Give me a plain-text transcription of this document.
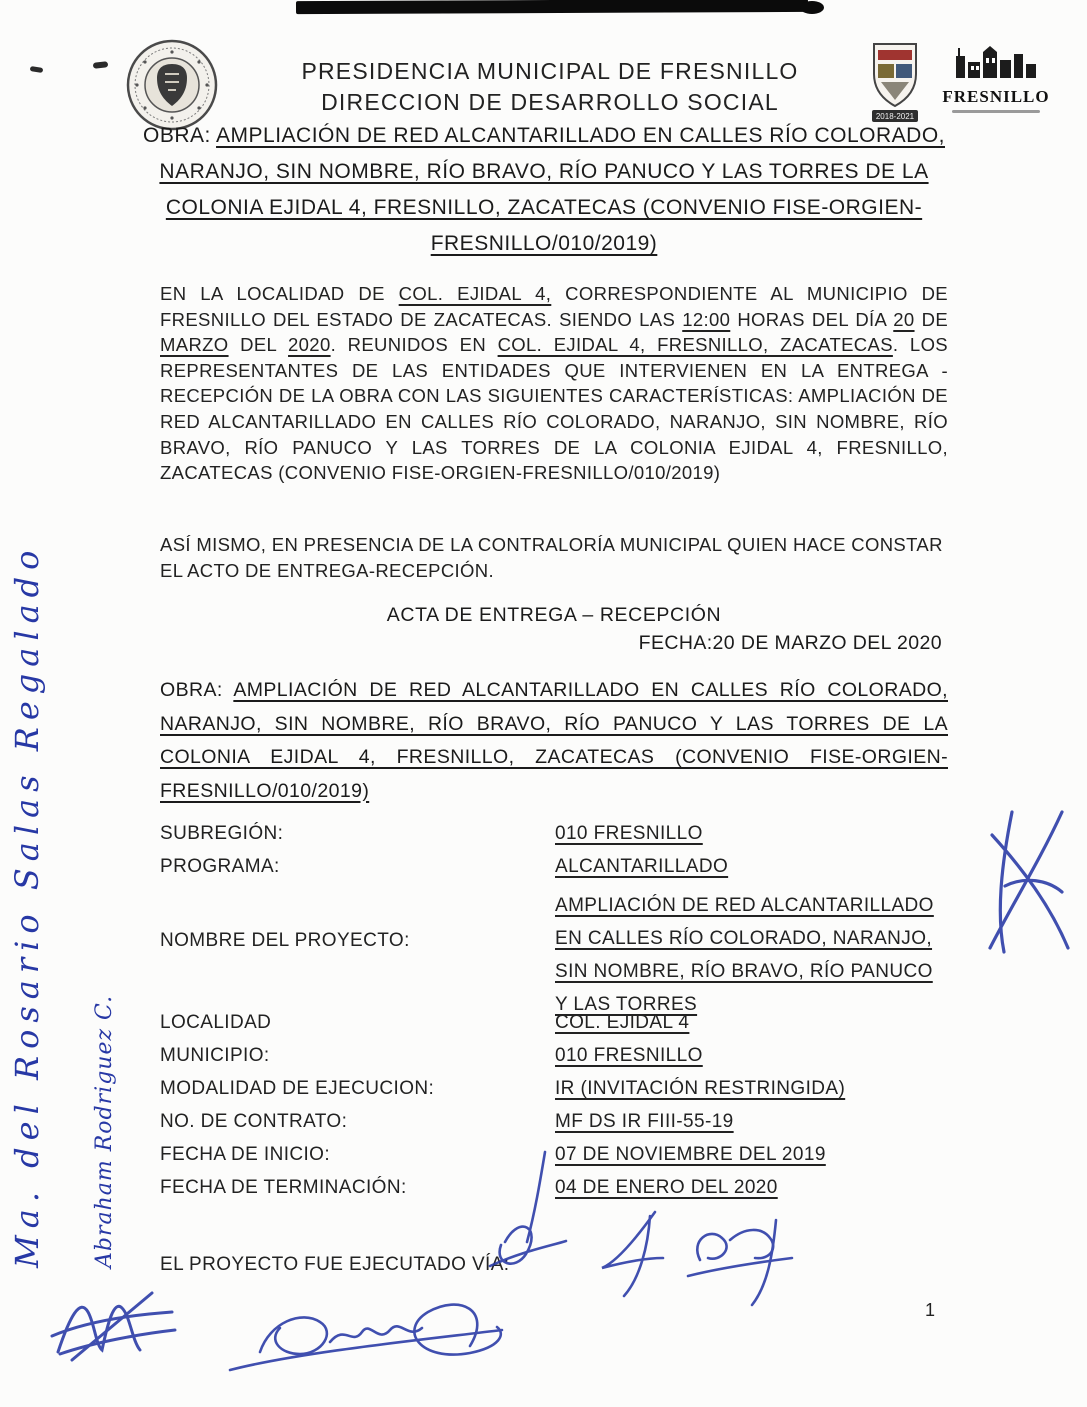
PRESIDENCIA MUNICIPAL DE FRESNILLO
DIRECCION DE DESARROLLO SOCIAL
2018-2021
FRESNILLO
OBRA: AMPLIACIÓN DE RED ALCANTARILLADO EN CALLES RÍO COLORADO, NARANJO, SIN NOMBRE, RÍO BRAVO, RÍO PANUCO Y LAS TORRES DE LA COLONIA EJIDAL 4, FRESNILLO, ZACATECAS (CONVENIO FISE-ORGIEN-FRESNILLO/010/2019)
EN LA LOCALIDAD DE COL. EJIDAL 4, CORRESPONDIENTE AL MUNICIPIO DE FRESNILLO DEL ESTADO DE ZACATECAS. SIENDO LAS 12:00 HORAS DEL DÍA 20 DE MARZO DEL 2020. REUNIDOS EN COL. EJIDAL 4, FRESNILLO, ZACATECAS. LOS REPRESENTANTES DE LAS ENTIDADES QUE INTERVIENEN EN LA ENTREGA - RECEPCIÓN DE LA OBRA CON LAS SIGUIENTES CARACTERÍSTICAS: AMPLIACIÓN DE RED ALCANTARILLADO EN CALLES RÍO COLORADO, NARANJO, SIN NOMBRE, RÍO BRAVO, RÍO PANUCO Y LAS TORRES DE LA COLONIA EJIDAL 4, FRESNILLO, ZACATECAS (CONVENIO FISE-ORGIEN-FRESNILLO/010/2019)
ASÍ MISMO, EN PRESENCIA DE LA CONTRALORÍA MUNICIPAL QUIEN HACE CONSTAR EL ACTO DE ENTREGA-RECEPCIÓN.
ACTA DE ENTREGA – RECEPCIÓN
FECHA:20 DE MARZO DEL 2020
OBRA: AMPLIACIÓN DE RED ALCANTARILLADO EN CALLES RÍO COLORADO, NARANJO, SIN NOMBRE, RÍO BRAVO, RÍO PANUCO Y LAS TORRES DE LA COLONIA EJIDAL 4, FRESNILLO, ZACATECAS (CONVENIO FISE-ORGIEN-FRESNILLO/010/2019)
SUBREGIÓN:	010 FRESNILLO
PROGRAMA:	ALCANTARILLADO
NOMBRE DEL PROYECTO:
AMPLIACIÓN DE RED ALCANTARILLADO
EN CALLES RÍO COLORADO, NARANJO,
SIN NOMBRE, RÍO BRAVO, RÍO PANUCO
Y LAS TORRES
LOCALIDAD	COL. EJIDAL 4
MUNICIPIO:	010 FRESNILLO
MODALIDAD DE EJECUCION:	IR (INVITACIÓN RESTRINGIDA)
NO. DE CONTRATO:	MF DS IR FIII-55-19
FECHA DE INICIO:	07 DE NOVIEMBRE DEL 2019
FECHA DE TERMINACIÓN:	04 DE ENERO DEL 2020
EL PROYECTO FUE EJECUTADO VÍA:
1
Ma. del Rosario Salas Regalado Abraham Rodriguez C.
